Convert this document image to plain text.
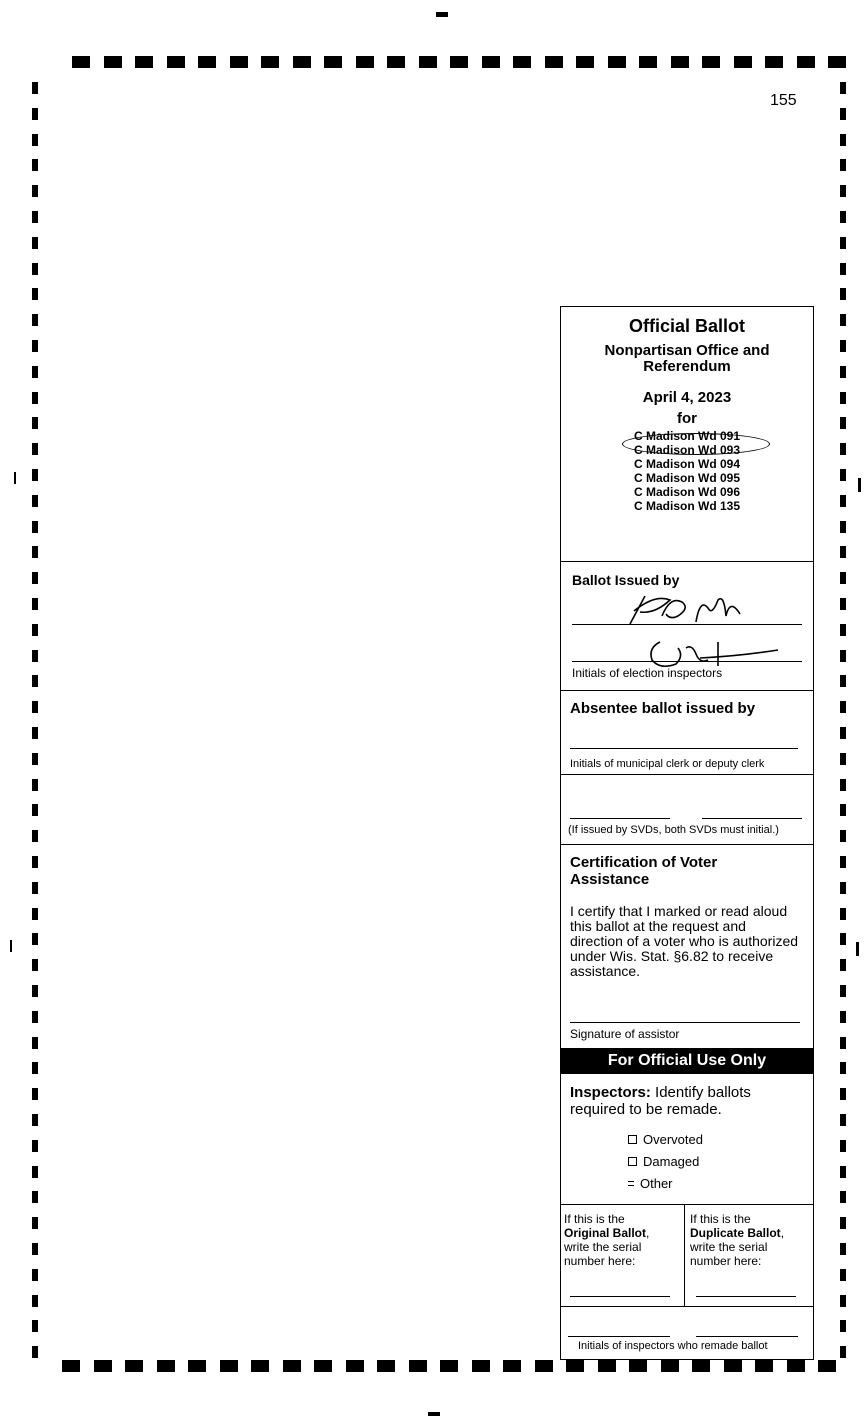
155
Official Ballot
Nonpartisan Office and Referendum
April 4, 2023
for
C Madison Wd 091
C Madison Wd 093
C Madison Wd 094
C Madison Wd 095
C Madison Wd 096
C Madison Wd 135
Ballot Issued by
Initials of election inspectors
Absentee ballot issued by
Initials of municipal clerk or deputy clerk
(If issued by SVDs, both SVDs must initial.)
Certification of Voter Assistance
I certify that I marked or read aloud this ballot at the request and direction of a voter who is authorized under Wis. Stat. §6.82 to receive assistance.
Signature of assistor
For Official Use Only
Inspectors: Identify ballots required to be remade.
Overvoted
Damaged
Other
If this is the
Original Ballot,
write the serial
number here:
If this is the
Duplicate Ballot,
write the serial
number here:
Initials of inspectors who remade ballot
